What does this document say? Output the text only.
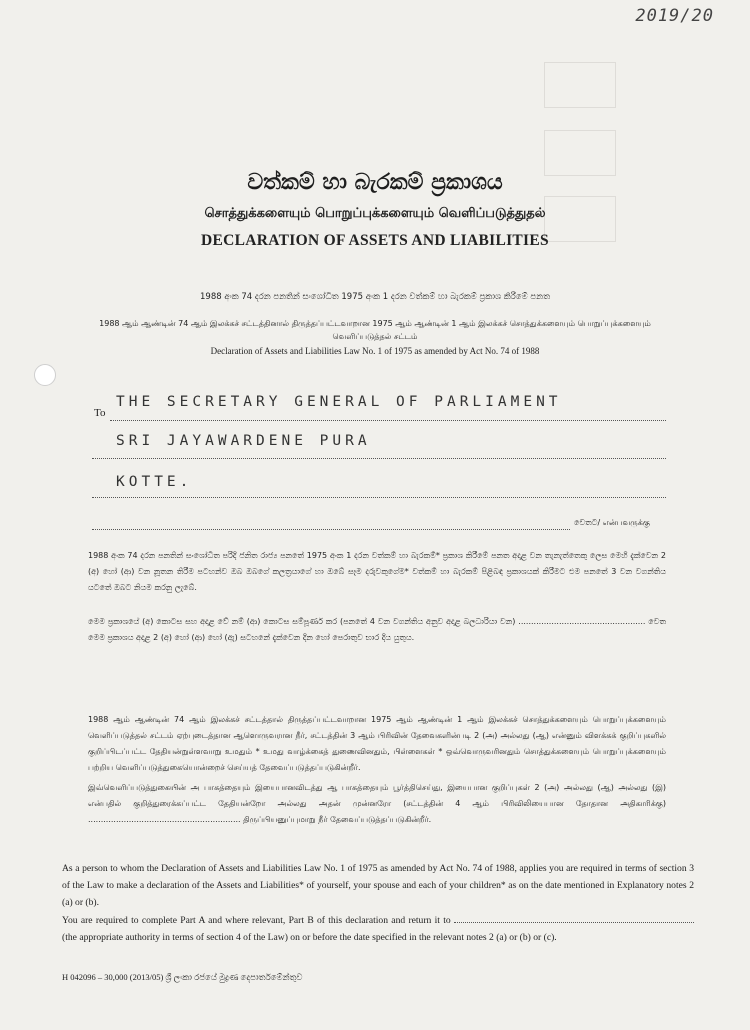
2019/20
වත්කම් හා බැරකම් ප්‍රකාශය
சொத்துக்களையும் பொறுப்புக்களையும் வெளிப்படுத்துதல்
DECLARATION OF ASSETS AND LIABILITIES
1988 අංක 74 දරන පනතින් සංශෝධිත 1975 අංක 1 දරන වත්කම් හා බැරකම් ප්‍රකාශ කිරීමේ පනත
1988 ஆம் ஆண்டின் 74 ஆம் இலக்கச் சட்டத்தினால் திருத்தப்பட்டவாறான 1975 ஆம் ஆண்டின் 1 ஆம் இலக்கச் சொத்துக்களையும் பொறுப்புக்களையும்
வெளிப்படுத்தல் சட்டம்
Declaration of Assets and Liabilities Law No. 1 of 1975 as amended by Act No. 74 of 1988
To
THE SECRETARY GENERAL OF PARLIAMENT
SRI JAYAWARDENE PURA
KOTTE.
වෙතට/ என்பவருக்கு
1988 අංක 74 දරන පනතින් සංශෝධිත පරිදි ජනිත රාජ්‍ය පනතේ 1975 අංක 1 දරන වත්කම් හා බැරකම්* ප්‍රකාශ කිරීමේ පනත අදාළ වන තැනැත්තෙකු ලෙස මෙහි දැක්වෙන 2 (අ) හෝ (ආ) වන නූතන තිරීම පටහන්ව ඔබ ඔබගේ කලත්‍රයාගේ හා ඔබේ සෑම දරුවකුගේම* වත්කම් හා බැරකම් පිළිබඳ ප්‍රකාශයක් කිරීමට එම පනතේ 3 වන වගන්තිය යටතේ ඔබට නියම කරනු ලැබේ.
මෙම ප්‍රකාශයේ (අ) කොටස සහ අදාළ වේ නම් (ආ) කොටස සම්පූර්ණ කර (පනතේ 4 වන වගන්තිය අනුව අදාළ බලධාරියා වන) .................................................. වෙත මෙම ප්‍රකාශය අදාළ 2 (අ) හෝ (ආ) හෝ (ඇ) සටහනේ දැක්වෙන දින හෝ පෙරාතුව භාර දිය යුතුය.
1988 ஆம் ஆண்டின் 74 ஆம் இலக்கச் சட்டத்தால் திருத்தப்பட்டவாறான 1975 ஆம் ஆண்டின் 1 ஆம் இலக்கச் சொத்துக்களையும் பொறுப்புக்களையும் வெளிப்படுத்தல் சட்டம் ஏற்புடைத்தான ஆளொருவரான நீர், சட்டத்தின் 3 ஆம் பிரிவின் தேவைகளின்படி 2 (அ) அல்லது (ஆ) என்னும் விளக்கக் குறிப்புகளில் குறிப்பிடப்பட்ட தேதியன்றுள்ளவாறு உமதும் * உமது வாழ்க்கைத் துணைவினதும், பிள்ளைகள் * ஒவ்வொருவரினதும் சொத்துக்களையும் பொறுப்புக்களையும் பற்றிய வெளிப்படுத்துகையொன்றைச் செய்யத் தேவைப்படுத்தப்படுகின்றீர்.
இவ்வெளிப்படுத்துகையின் அ பாகத்தையும் இயைபானவிடத்து ஆ பாகத்தையும் பூர்த்திசெய்து, இயைபான குறிப்புகள் 2 (அ) அல்லது (ஆ) அல்லது (இ) என்பதில் குறித்துரைக்கப்பட்ட தேதியன்றோ அல்லது அதன் முன்னரோ (சட்டத்தின் 4 ஆம் பிரிவிலியைபான தோதான அதிகாரிக்கு) ............................................................ திருப்பியனுப்புமாறு நீர் தேவைப்படுத்தப்படுகின்றீர்.
As a person to whom the Declaration of Assets and Liabilities Law No. 1 of 1975 as amended by Act No. 74 of 1988, applies you are required in terms of section 3 of the Law to make a declaration of the Assets and Liabilities* of yourself, your spouse and each of your children* as on the date mentioned in Explanatory notes 2 (a) or (b).
You are required to complete Part A and where relevant, Part B of this declaration and return it to  (the appropriate authority in terms of section 4 of the Law) on or before the date specified in the relevant notes 2 (a) or (b) or (c).
H 042096 – 30,000 (2013/05) ශ්‍රී ලංකා රජයේ මුද්‍රණ දෙපාර්තමේන්තුව
